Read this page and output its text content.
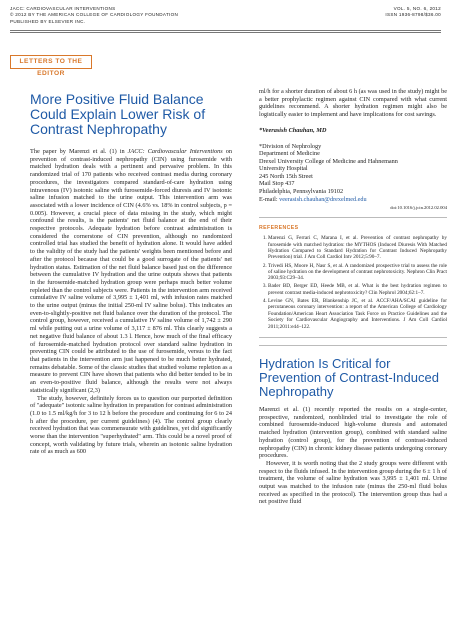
JACC: CARDIOVASCULAR INTERVENTIONS
© 2012 BY THE AMERICAN COLLEGE OF CARDIOLOGY FOUNDATION
PUBLISHED BY ELSEVIER INC.
VOL. 5, NO. 6, 2012
ISSN 1936-8798/$36.00
LETTERS TO THE EDITOR
More Positive Fluid Balance Could Explain Lower Risk of Contrast Nephropathy

The paper by Marenzi et al. (1) in JACC: Cardiovascular Interventions on prevention of contrast-induced nephropathy (CIN) using furosemide with matched hydration deals with a pertinent and pervasive problem. In this randomized trial of 170 patients who received contrast media during coronary procedures, the investigators compared standard-of-care hydration using intravenous (IV) isotonic saline with furosemide-forced diuresis and IV isotonic saline infusion matched to the urine output. This intervention arm was associated with a lower incidence of CIN (4.6% vs. 18% in control subjects, p = 0.005). However, a crucial piece of data missing in the study, which might confound the results, is the patients' net fluid balance at the end of their respective protocols. Adequate hydration before contrast administration is considered the cornerstone of CIN prevention, although no randomized controlled trial has studied the benefit of hydration alone. It would have added to the validity of the study had the patients' weights been mentioned before and after the protocol because that could be a good surrogate of the patients' net hydration status. Estimation of the net fluid balance based just on the difference between the cumulative IV hydration and the urine outputs shows that patients in the furosemide-matched hydration group were perhaps much better volume repleted than the control subjects were. Patients in the intervention arm received cumulative IV saline volume of 3,995 ± 1,401 ml, with infusion rates matched to the urine output (minus the initial 250-ml IV saline bolus). This indicates an even-to-slightly-positive net fluid balance over the duration of the protocol. The control group, however, received a cumulative IV saline volume of 1,742 ± 290 ml while putting out a urine volume of 3,117 ± 876 ml. This clearly suggests a net negative fluid balance of about 1.3 l. Hence, how much of the final efficacy of furosemide-matched hydration protocol over standard saline hydration in preventing CIN could be attributed to the use of furosemide, versus to the fact that patients in the intervention arm just happened to be much better hydrated, remains debatable. Some of the classic studies that studied volume repletion as a measure to prevent CIN have shown that patients who did better tended to be in an even-to-positive fluid balance, although the results were not always statistically significant (2,3)

The study, however, definitely forces us to question our purported definition of "adequate" isotonic saline hydration in preparation for contrast administration (1.0 to 1.5 ml/kg/h for 3 to 12 h before the procedure and continuing for 6 to 24 h after the procedure, per current guidelines) (4). The control group clearly received hydration that was commensurate with guidelines, yet did significantly worse than the intervention "superhydrated" arm. This could be a novel proof of concept, worth validating by future trials, wherein an isotonic saline hydration rate of as much as 600

ml/h for a shorter duration of about 6 h (as was used in the study) might be a better prophylactic regimen against CIN compared with what current guidelines recommend. A shorter hydration regimen might also be logistically easier to implement and have implications for cost savings.

*Veerasish Chauhan, MD
*Division of Nephrology
Department of Medicine
Drexel University College of Medicine and Hahnemann
University Hospital
245 North 15th Street
Mail Stop 437
Philadelphia, Pennsylvania 19102
E-mail: veerasish.chauhan@drexelmed.edu
doi:10.1016/j.jcin.2012.02.004
REFERENCES
1. Marenzi G, Ferrari C, Marana I, et al. Prevention of contrast nephropathy by furosemide with matched hydration: the MYTHOS (Induced Diuresis With Matched Hydration Compared to Standard Hydration for Contrast Induced Nephropathy Prevention) trial. J Am Coll Cardiol Intv 2012;5:90–7.
2. Trivedi HS, Moore H, Nasr S, et al. A randomized prospective trial to assess the role of saline hydration on the development of contrast nephrotoxicity. Nephron Clin Pract 2003;93:C29–34.
3. Bader BD, Berger ED, Heede MB, et al. What is the best hydration regimen to prevent contrast media-induced nephrotoxicity? Clin Nephrol 2004;62:1–7.
4. Levine GN, Bates ER, Blankenship JC, et al. ACCF/AHA/SCAI guideline for percutaneous coronary intervention: a report of the American College of Cardiology Foundation/American Heart Association Task Force on Practice Guidelines and the Society for Cardiovascular Angiography and Interventions. J Am Coll Cardiol 2011;2011:e44–122.
Hydration Is Critical for Prevention of Contrast-Induced Nephropathy

Marenzi et al. (1) recently reported the results on a single-center, prospective, randomized, nonblinded trial to investigate the role of combined furosemide-induced high-volume diuresis and automated matched hydration (intervention group), combined with standard saline hydration (control group), for the prevention of contrast-induced nephropathy (CIN) in chronic kidney disease patients undergoing coronary procedures.

However, it is worth noting that the 2 study groups were different with respect to the fluids infused. In the intervention group during the 6 ± 1 h of treatment, the volume of saline hydration was 3,995 ± 1,401 ml. Urine output was matched to the infusion rate (minus the 250-ml fluid bolus received as specified in the protocol). The intervention group thus had a net positive fluid
